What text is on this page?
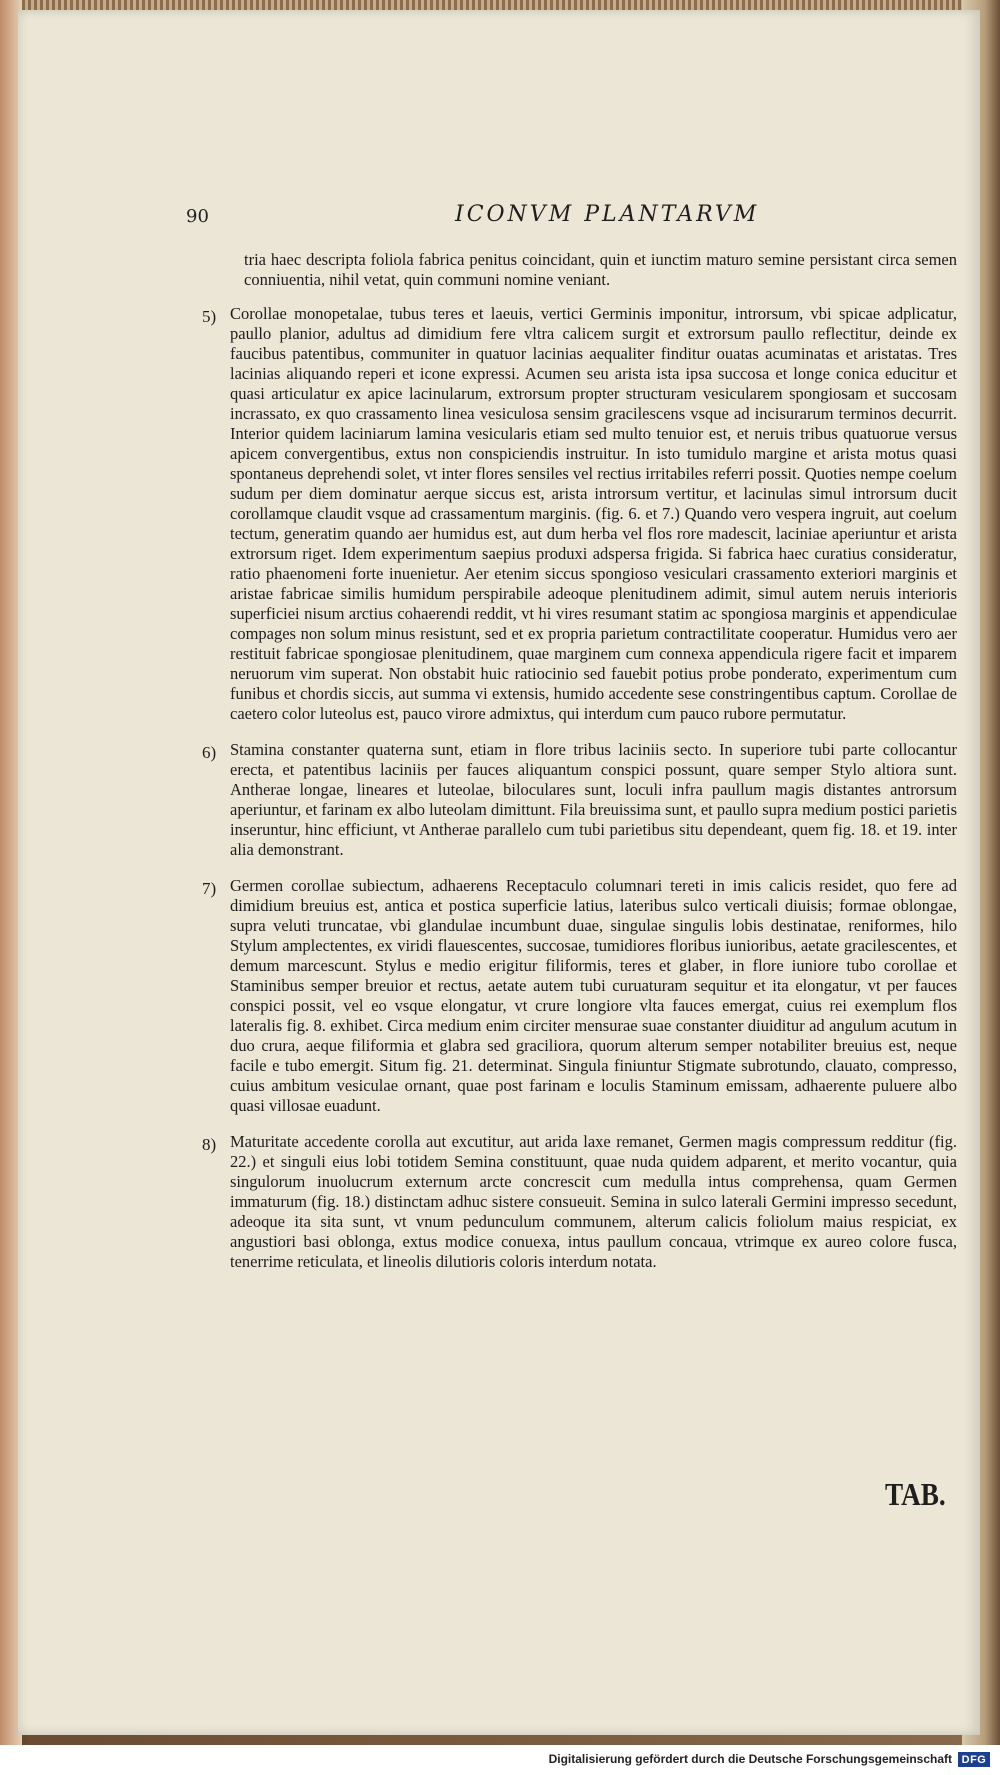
90	ICONVM PLANTARVM

tria haec descripta foliola fabrica penitus coincidant, quin et iunctim maturo semine persistant circa semen conniuentia, nihil vetat, quin communi nomine veniant.

5) Corollae monopetalae, tubus teres et laeuis, vertici Germinis imponitur, introrsum, vbi spicae adplicatur, paullo planior, adultus ad dimidium fere vltra calicem surgit et extrorsum paullo reflectitur, deinde ex faucibus patentibus, communiter in quatuor lacinias aequaliter finditur ouatas acuminatas et aristatas. Tres lacinias aliquando reperi et icone expressi. Acumen seu arista ista ipsa succosa et longe conica educitur et quasi articulatur ex apice lacinularum, extrorsum propter structuram vesicularem spongiosam et succosam incrassato, ex quo crassamento linea vesiculosa sensim gracilescens vsque ad incisurarum terminos decurrit. Interior quidem laciniarum lamina vesicularis etiam sed multo tenuior est, et neruis tribus quatuorue versus apicem convergentibus, extus non conspiciendis instruitur. In isto tumidulo margine et arista motus quasi spontaneus deprehendi solet, vt inter flores sensiles vel rectius irritabiles referri possit. Quoties nempe coelum sudum per diem dominatur aerque siccus est, arista introrsum vertitur, et lacinulas simul introrsum ducit corollamque claudit vsque ad crassamentum marginis. (fig. 6. et 7.) Quando vero vespera ingruit, aut coelum tectum, generatim quando aer humidus est, aut dum herba vel flos rore madescit, laciniae aperiuntur et arista extrorsum riget. Idem experimentum saepius produxi adspersa frigida. Si fabrica haec curatius consideratur, ratio phaenomeni forte inuenietur. Aer etenim siccus spongioso vesiculari crassamento exteriori marginis et aristae fabricae similis humidum perspirabile adeoque plenitudinem adimit, simul autem neruis interioris superficiei nisum arctius cohaerendi reddit, vt hi vires resumant statim ac spongiosa marginis et appendiculae compages non solum minus resistunt, sed et ex propria parietum contractilitate cooperatur. Humidus vero aer restituit fabricae spongiosae plenitudinem, quae marginem cum connexa appendicula rigere facit et imparem neruorum vim superat. Non obstabit huic ratiocinio sed fauebit potius probe ponderato, experimentum cum funibus et chordis siccis, aut summa vi extensis, humido accedente sese constringentibus captum. Corollae de caetero color luteolus est, pauco virore admixtus, qui interdum cum pauco rubore permutatur.

6) Stamina constanter quaterna sunt, etiam in flore tribus laciniis secto. In superiore tubi parte collocantur erecta, et patentibus laciniis per fauces aliquantum conspici possunt, quare semper Stylo altiora sunt. Antherae longae, lineares et luteolae, biloculares sunt, loculi infra paullum magis distantes antrorsum aperiuntur, et farinam ex albo luteolam dimittunt. Fila breuissima sunt, et paullo supra medium postici parietis inseruntur, hinc efficiunt, vt Antherae parallelo cum tubi parietibus situ dependeant, quem fig. 18. et 19. inter alia demonstrant.

7) Germen corollae subiectum, adhaerens Receptaculo columnari tereti in imis calicis residet, quo fere ad dimidium breuius est, antica et postica superficie latius, lateribus sulco verticali diuisis; formae oblongae, supra veluti truncatae, vbi glandulae incumbunt duae, singulae singulis lobis destinatae, reniformes, hilo Stylum amplectentes, ex viridi flauescentes, succosae, tumidiores floribus iunioribus, aetate gracilescentes, et demum marcescunt. Stylus e medio erigitur filiformis, teres et glaber, in flore iuniore tubo corollae et Staminibus semper breuior et rectus, aetate autem tubi curuaturam sequitur et ita elongatur, vt per fauces conspici possit, vel eo vsque elongatur, vt crure longiore vlta fauces emergat, cuius rei exemplum flos lateralis fig. 8. exhibet. Circa medium enim circiter mensurae suae constanter diuiditur ad angulum acutum in duo crura, aeque filiformia et glabra sed graciliora, quorum alterum semper notabiliter breuius est, neque facile e tubo emergit. Situm fig. 21. determinat. Singula finiuntur Stigmate subrotundo, clauato, compresso, cuius ambitum vesiculae ornant, quae post farinam e loculis Staminum emissam, adhaerente puluere albo quasi villosae euadunt.

8) Maturitate accedente corolla aut excutitur, aut arida laxe remanet, Germen magis compressum redditur (fig. 22.) et singuli eius lobi totidem Semina constituunt, quae nuda quidem adparent, et merito vocantur, quia singulorum inuolucrum externum arcte concrescit cum medulla intus comprehensa, quam Germen immaturum (fig. 18.) distinctam adhuc sistere consueuit. Semina in sulco laterali Germini impresso secedunt, adeoque ita sita sunt, vt vnum pedunculum communem, alterum calicis foliolum maius respiciat, ex angustiori basi oblonga, extus modice conuexa, intus paullum concaua, vtrimque ex aureo colore fusca, tenerrime reticulata, et lineolis dilutioris coloris interdum notata.

TAB.
Digitalisierung gefördert durch die Deutsche Forschungsgemeinschaft DFG
